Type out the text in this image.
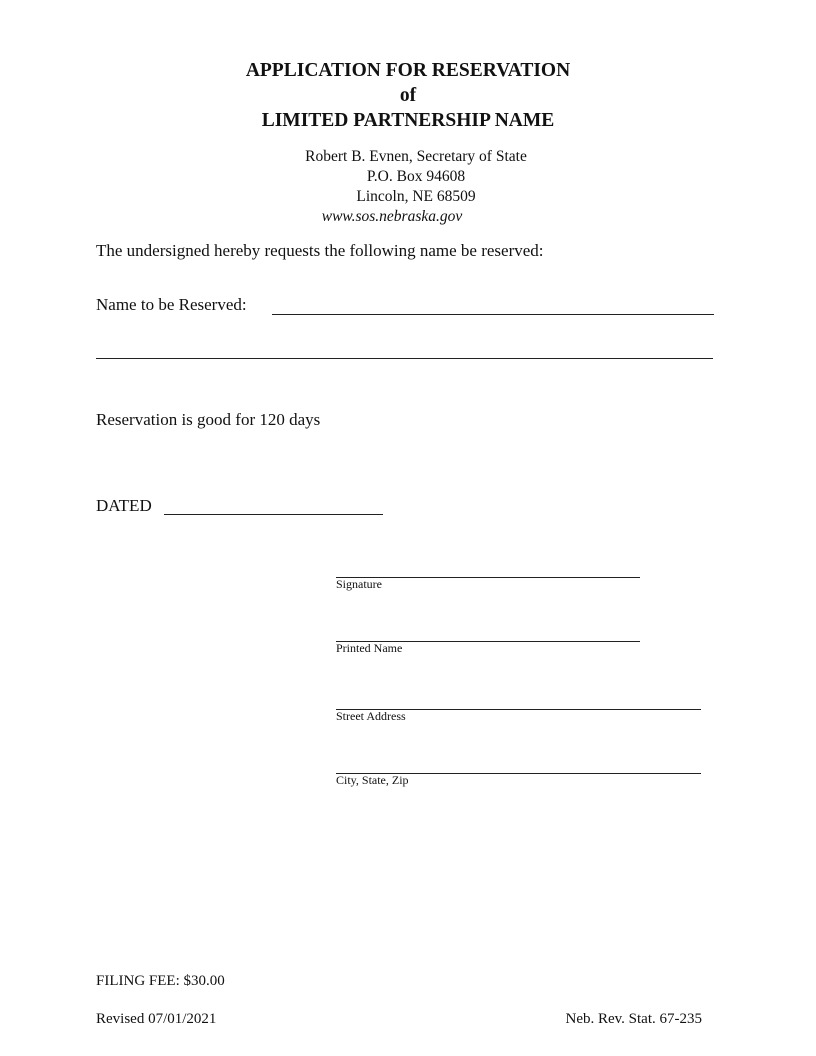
APPLICATION FOR RESERVATION
of
LIMITED PARTNERSHIP NAME
Robert B. Evnen, Secretary of State
P.O. Box 94608
Lincoln, NE 68509
www.sos.nebraska.gov
The undersigned hereby requests the following name be reserved:
Name to be Reserved:
Reservation is good for 120 days
DATED
Signature
Printed Name
Street Address
City, State, Zip
FILING FEE: $30.00
Revised 07/01/2021	Neb. Rev. Stat. 67-235
